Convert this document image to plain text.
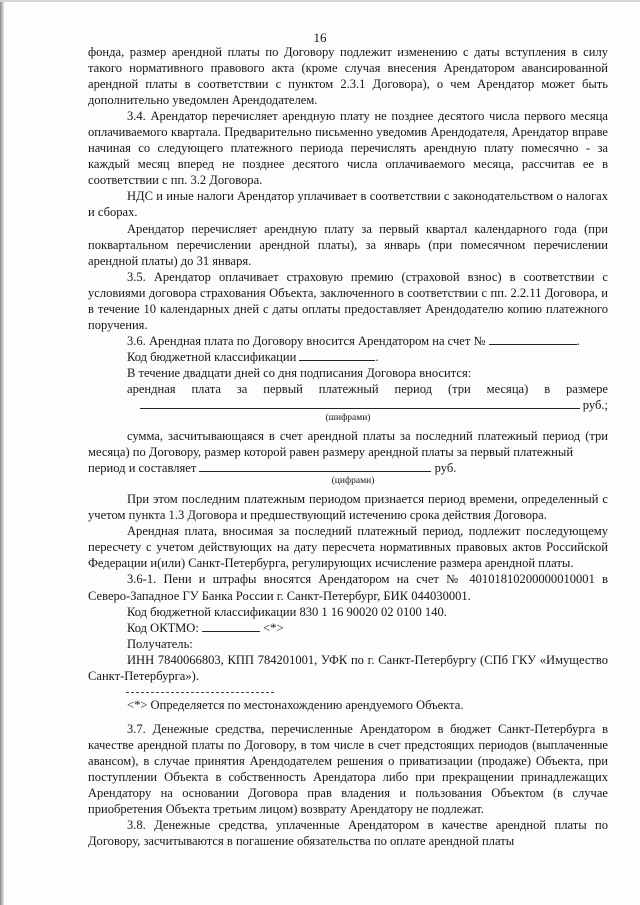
16

фонда, размер арендной платы по Договору подлежит изменению с даты вступления в силу такого нормативного правового акта (кроме случая внесения Арендатором авансированной арендной платы в соответствии с пунктом 2.3.1 Договора), о чем Арендатор может быть дополнительно уведомлен Арендодателем.

3.4. Арендатор перечисляет арендную плату не позднее десятого числа первого месяца оплачиваемого квартала. Предварительно письменно уведомив Арендодателя, Арендатор вправе начиная со следующего платежного периода перечислять арендную плату помесячно - за каждый месяц вперед не позднее десятого числа оплачиваемого месяца, рассчитав ее в соответствии с пп. 3.2 Договора.

НДС и иные налоги Арендатор уплачивает в соответствии с законодательством о налогах и сборах.

Арендатор перечисляет арендную плату за первый квартал календарного года (при поквартальном перечислении арендной платы), за январь (при помесячном перечислении арендной платы) до 31 января.

3.5. Арендатор оплачивает страховую премию (страховой взнос) в соответствии с условиями договора страхования Объекта, заключенного в соответствии с пп. 2.2.11 Договора, и в течение 10 календарных дней с даты оплаты предоставляет Арендодателю копию платежного поручения.

3.6. Арендная плата по Договору вносится Арендатором на счет №	.

Код бюджетной классификации	.

В течение двадцати дней со дня подписания Договора вносится:

арендная плата за первый платежный период (три месяца) в размере

руб.;

(шифрами)

сумма, засчитывающаяся в счет арендной платы за последний платежный период (три месяца) по Договору, размер которой равен размеру арендной платы за первый платежный

период и составляет	руб.

(цифрами)

При этом последним платежным периодом признается период времени, определенный с учетом пункта 1.3 Договора и предшествующий истечению срока действия Договора.

Арендная плата, вносимая за последний платежный период, подлежит последующему пересчету с учетом действующих на дату пересчета нормативных правовых актов Российской Федерации и(или) Санкт-Петербурга, регулирующих исчисление размера арендной платы.

3.6-1. Пени и штрафы вносятся Арендатором на счет № 40101810200000010001 в Северо-Западное ГУ Банка России г. Санкт-Петербург, БИК 044030001.

Код бюджетной классификации 830 1 16 90020 02 0100 140.

Код ОКТМО:	<*>

Получатель:

ИНН 7840066803, КПП 784201001, УФК по г. Санкт-Петербургу (СПб ГКУ «Имущество Санкт-Петербурга»).

<*> Определяется по местонахождению арендуемого Объекта.

3.7. Денежные средства, перечисленные Арендатором в бюджет Санкт-Петербурга в качестве арендной платы по Договору, в том числе в счет предстоящих периодов (выплаченные авансом), в случае принятия Арендодателем решения о приватизации (продаже) Объекта, при поступлении Объекта в собственность Арендатора либо при прекращении принадлежащих Арендатору на основании Договора прав владения и пользования Объектом (в случае приобретения Объекта третьим лицом) возврату Арендатору не подлежат.

3.8. Денежные средства, уплаченные Арендатором в качестве арендной платы по Договору, засчитываются в погашение обязательства по оплате арендной платы
